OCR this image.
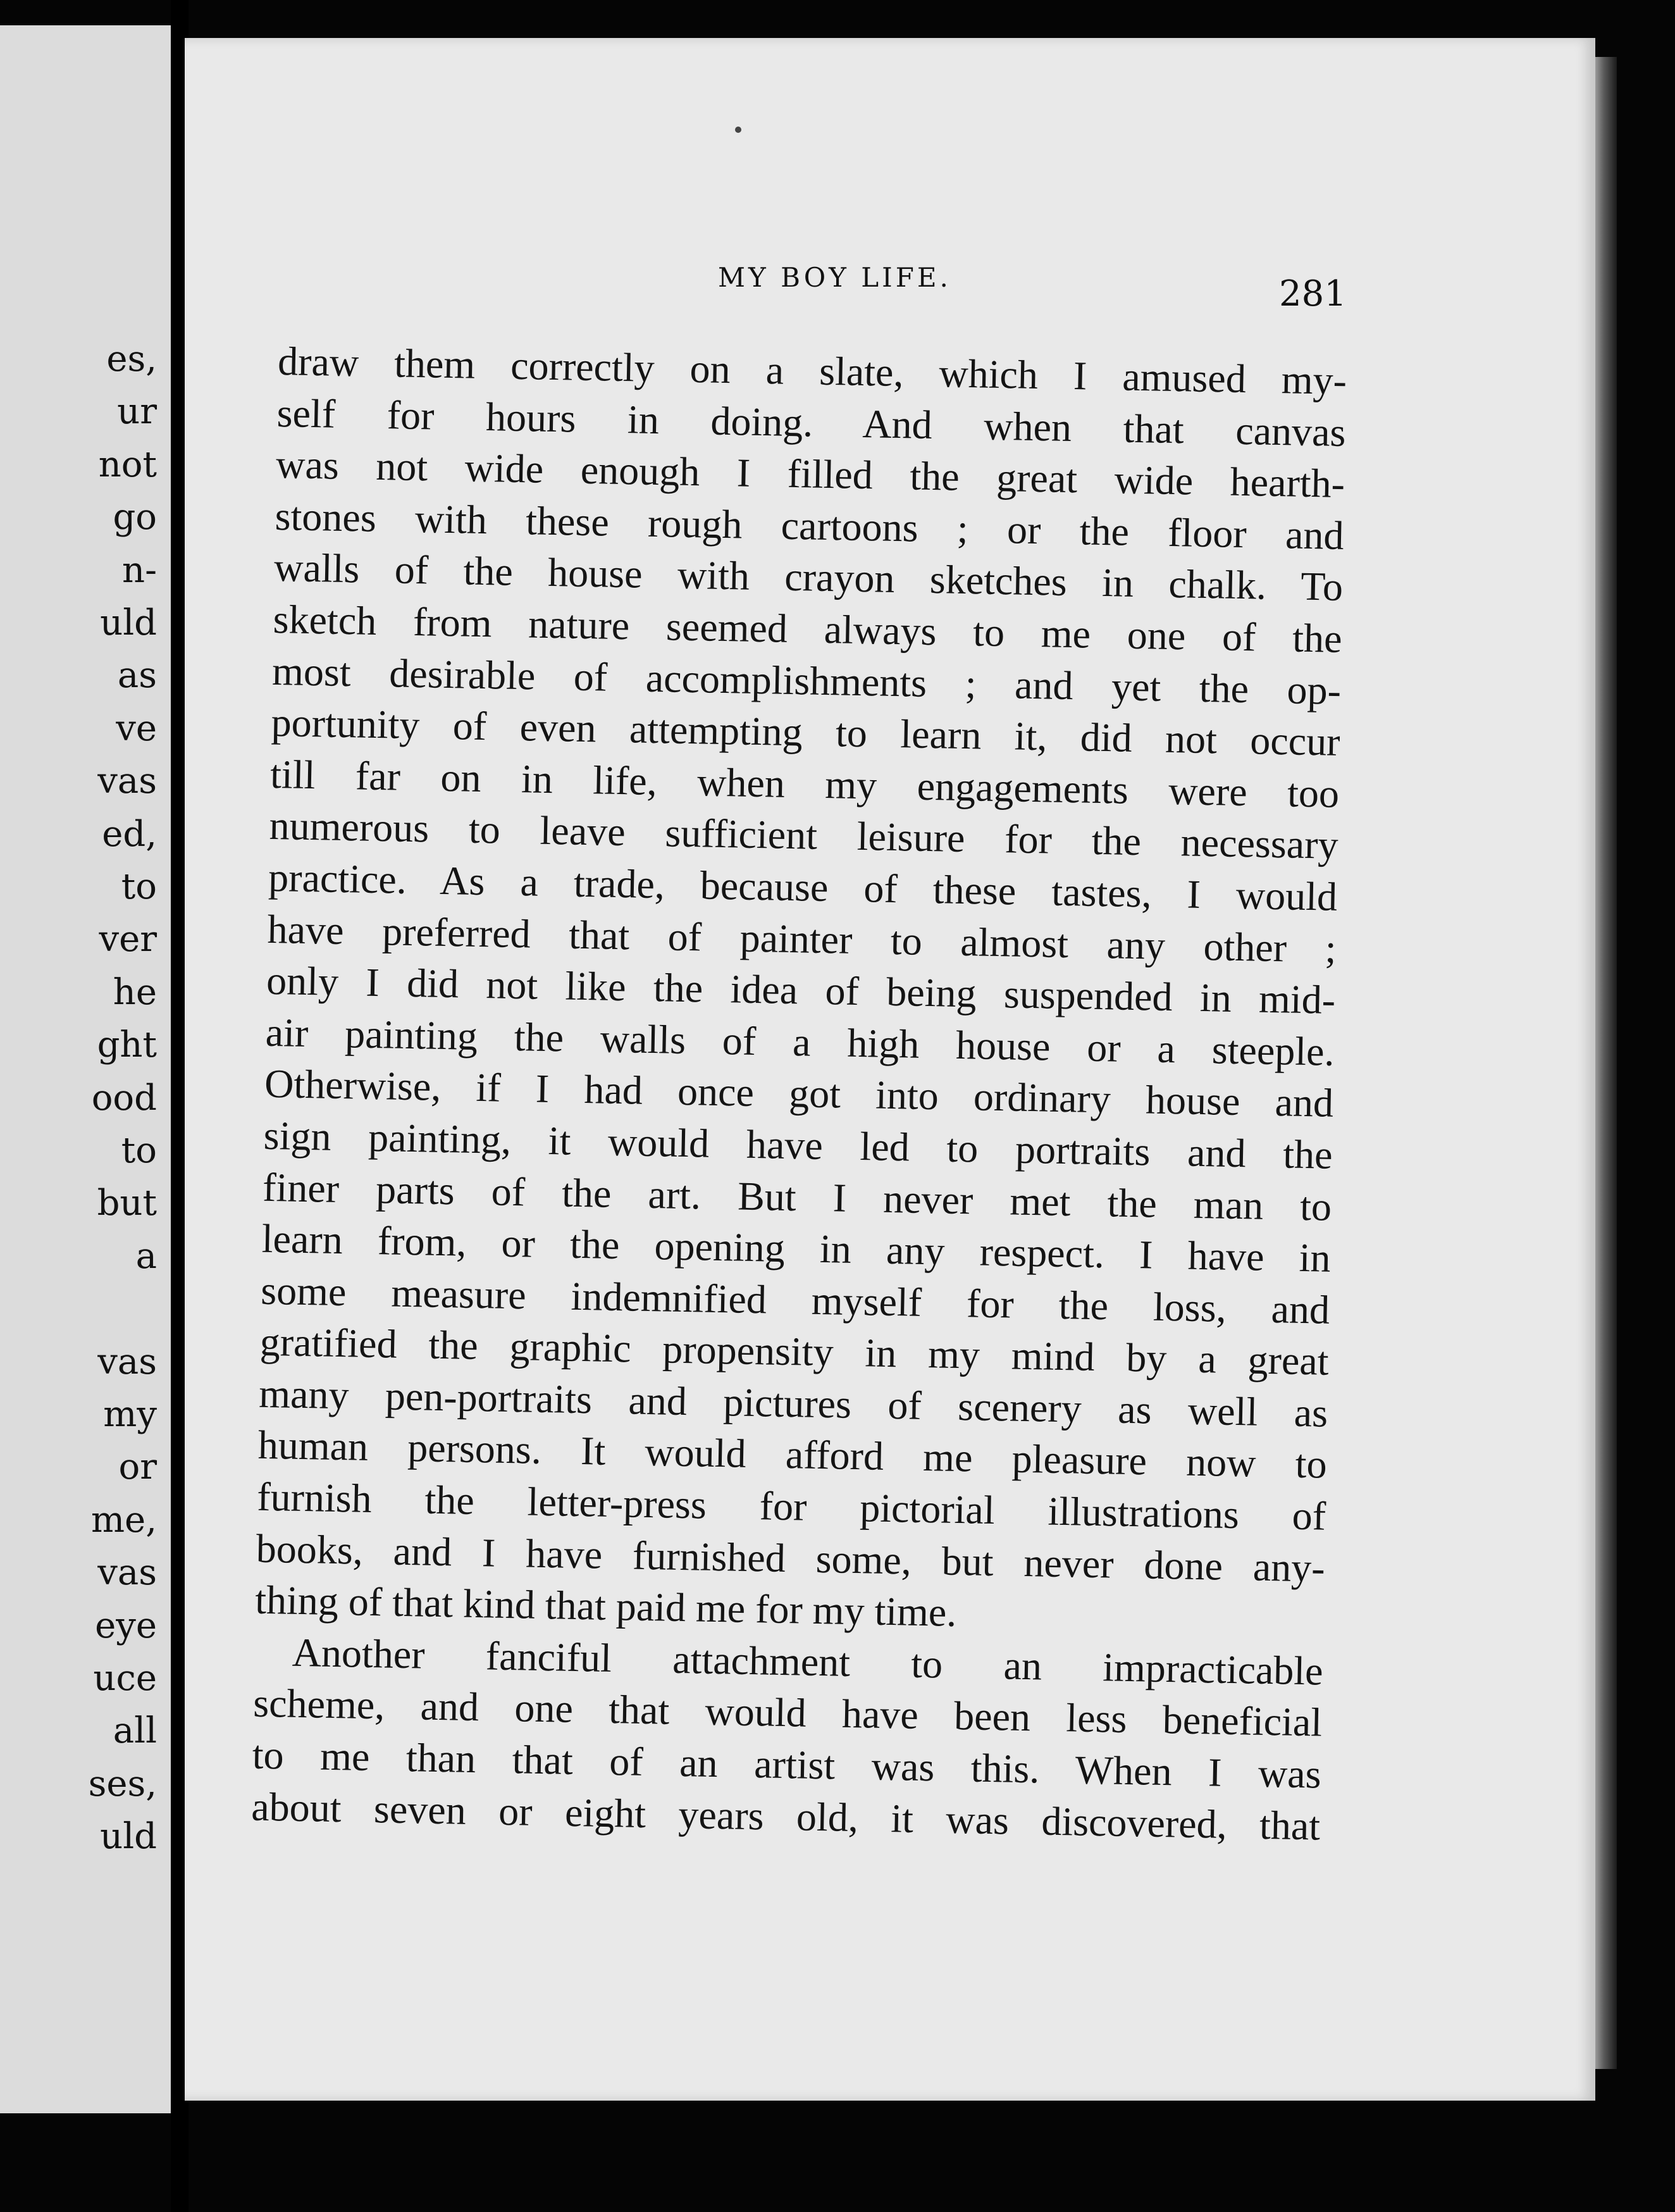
es,
ur
not
go
n-
uld
as
ve
vas
ed,
to
ver
he
ght
ood
to
but
a
vas
my
or
me,
vas
eye
uce
all
ses,
uld
MY BOY LIFE.	281
draw them correctly on a slate, which I amused my-
self for hours in doing. And when that canvas
was not wide enough I filled the great wide hearth-
stones with these rough cartoons ; or the floor and
walls of the house with crayon sketches in chalk. To
sketch from nature seemed always to me one of the
most desirable of accomplishments ; and yet the op-
portunity of even attempting to learn it, did not occur
till far on in life, when my engagements were too
numerous to leave sufficient leisure for the necessary
practice. As a trade, because of these tastes, I would
have preferred that of painter to almost any other ;
only I did not like the idea of being suspended in mid-
air painting the walls of a high house or a steeple.
Otherwise, if I had once got into ordinary house and
sign painting, it would have led to portraits and the
finer parts of the art. But I never met the man to
learn from, or the opening in any respect. I have in
some measure indemnified myself for the loss, and
gratified the graphic propensity in my mind by a great
many pen-portraits and pictures of scenery as well as
human persons. It would afford me pleasure now to
furnish the letter-press for pictorial illustrations of
books, and I have furnished some, but never done any-
thing of that kind that paid me for my time.
Another fanciful attachment to an impracticable
scheme, and one that would have been less beneficial
to me than that of an artist was this. When I was
about seven or eight years old, it was discovered, that
